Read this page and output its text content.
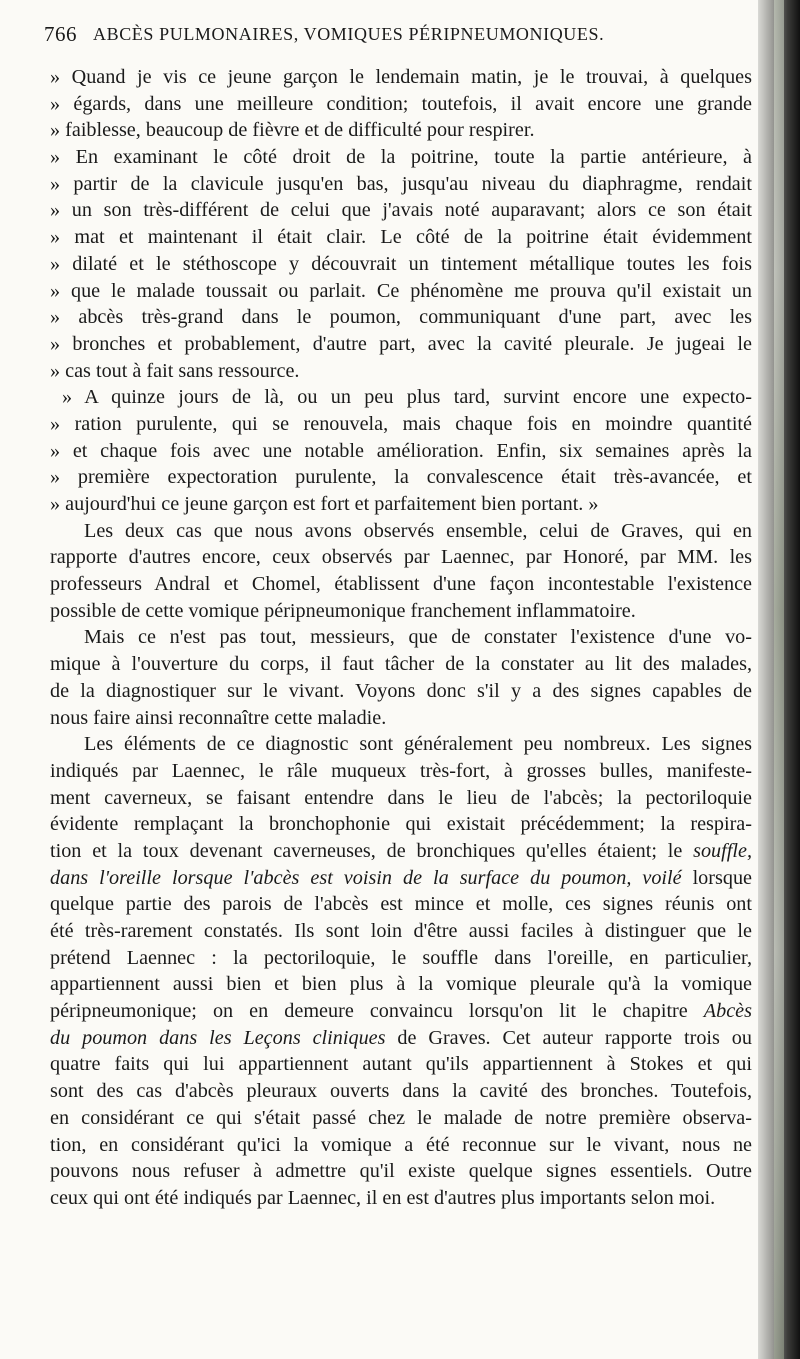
766 ABCÈS PULMONAIRES, VOMIQUES PÉRIPNEUMONIQUES.
» Quand je vis ce jeune garçon le lendemain matin, je le trouvai, à quelques
» égards, dans une meilleure condition; toutefois, il avait encore une grande
» faiblesse, beaucoup de fièvre et de difficulté pour respirer.
» En examinant le côté droit de la poitrine, toute la partie antérieure, à
» partir de la clavicule jusqu'en bas, jusqu'au niveau du diaphragme, rendait
» un son très-différent de celui que j'avais noté auparavant; alors ce son était
» mat et maintenant il était clair. Le côté de la poitrine était évidemment
» dilaté et le stéthoscope y découvrait un tintement métallique toutes les fois
» que le malade toussait ou parlait. Ce phénomène me prouva qu'il existait un
» abcès très-grand dans le poumon, communiquant d'une part, avec les
» bronches et probablement, d'autre part, avec la cavité pleurale. Je jugeai le
» cas tout à fait sans ressource.
» A quinze jours de là, ou un peu plus tard, survint encore une expecto-
» ration purulente, qui se renouvela, mais chaque fois en moindre quantité
» et chaque fois avec une notable amélioration. Enfin, six semaines après la
» première expectoration purulente, la convalescence était très-avancée, et
» aujourd'hui ce jeune garçon est fort et parfaitement bien portant. »
Les deux cas que nous avons observés ensemble, celui de Graves, qui en
rapporte d'autres encore, ceux observés par Laennec, par Honoré, par MM. les
professeurs Andral et Chomel, établissent d'une façon incontestable l'existence
possible de cette vomique péripneumonique franchement inflammatoire.
Mais ce n'est pas tout, messieurs, que de constater l'existence d'une vo-
mique à l'ouverture du corps, il faut tâcher de la constater au lit des malades,
de la diagnostiquer sur le vivant. Voyons donc s'il y a des signes capables de
nous faire ainsi reconnaître cette maladie.
Les éléments de ce diagnostic sont généralement peu nombreux. Les signes
indiqués par Laennec, le râle muqueux très-fort, à grosses bulles, manifeste-
ment caverneux, se faisant entendre dans le lieu de l'abcès; la pectoriloquie
évidente remplaçant la bronchophonie qui existait précédemment; la respira-
tion et la toux devenant caverneuses, de bronchiques qu'elles étaient; le souffle,
dans l'oreille lorsque l'abcès est voisin de la surface du poumon, voilé lorsque
quelque partie des parois de l'abcès est mince et molle, ces signes réunis ont
été très-rarement constatés. Ils sont loin d'être aussi faciles à distinguer que le
prétend Laennec : la pectoriloquie, le souffle dans l'oreille, en particulier,
appartiennent aussi bien et bien plus à la vomique pleurale qu'à la vomique
péripneumonique; on en demeure convaincu lorsqu'on lit le chapitre Abcès
du poumon dans les Leçons cliniques de Graves. Cet auteur rapporte trois ou
quatre faits qui lui appartiennent autant qu'ils appartiennent à Stokes et qui
sont des cas d'abcès pleuraux ouverts dans la cavité des bronches. Toutefois,
en considérant ce qui s'était passé chez le malade de notre première observa-
tion, en considérant qu'ici la vomique a été reconnue sur le vivant, nous ne
pouvons nous refuser à admettre qu'il existe quelque signes essentiels. Outre
ceux qui ont été indiqués par Laennec, il en est d'autres plus importants selon moi.
